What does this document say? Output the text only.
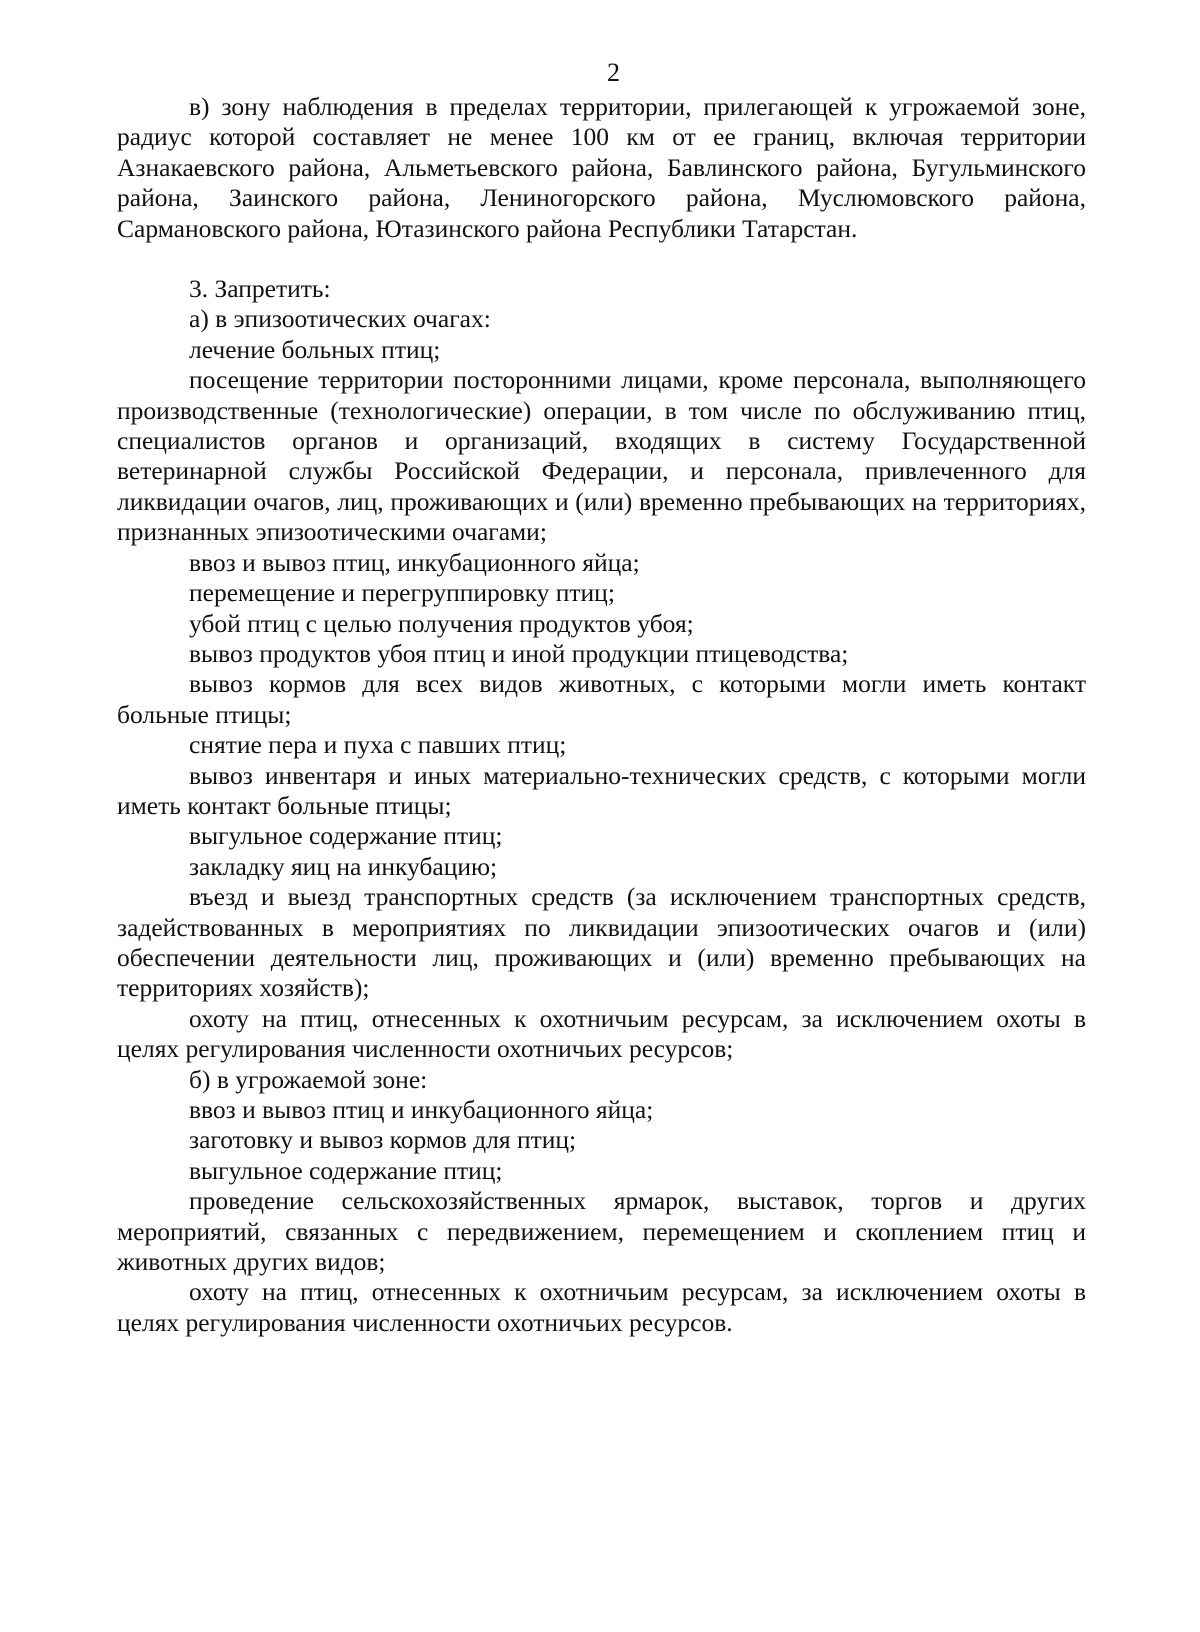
2

в) зону наблюдения в пределах территории, прилегающей к угрожаемой зоне, радиус которой составляет не менее 100 км от ее границ, включая территории Азнакаевского района, Альметьевского района, Бавлинского района, Бугульминского района, Заинского района, Лениногорского района, Муслюмовского района, Сармановского района, Ютазинского района Республики Татарстан.

3. Запретить:

а) в эпизоотических очагах:

лечение больных птиц;

посещение территории посторонними лицами, кроме персонала, выполняющего производственные (технологические) операции, в том числе по обслуживанию птиц, специалистов органов и организаций, входящих в систему Государственной ветеринарной службы Российской Федерации, и персонала, привлеченного для ликвидации очагов, лиц, проживающих и (или) временно пребывающих на территориях, признанных эпизоотическими очагами;

ввоз и вывоз птиц, инкубационного яйца;

перемещение и перегруппировку птиц;

убой птиц с целью получения продуктов убоя;

вывоз продуктов убоя птиц и иной продукции птицеводства;

вывоз кормов для всех видов животных, с которыми могли иметь контакт больные птицы;

снятие пера и пуха с павших птиц;

вывоз инвентаря и иных материально-технических средств, с которыми могли иметь контакт больные птицы;

выгульное содержание птиц;

закладку яиц на инкубацию;

въезд и выезд транспортных средств (за исключением транспортных средств, задействованных в мероприятиях по ликвидации эпизоотических очагов и (или) обеспечении деятельности лиц, проживающих и (или) временно пребывающих на территориях хозяйств);

охоту на птиц, отнесенных к охотничьим ресурсам, за исключением охоты в целях регулирования численности охотничьих ресурсов;

б) в угрожаемой зоне:

ввоз и вывоз птиц и инкубационного яйца;

заготовку и вывоз кормов для птиц;

выгульное содержание птиц;

проведение сельскохозяйственных ярмарок, выставок, торгов и других мероприятий, связанных с передвижением, перемещением и скоплением птиц и животных других видов;

охоту на птиц, отнесенных к охотничьим ресурсам, за исключением охоты в целях регулирования численности охотничьих ресурсов.
